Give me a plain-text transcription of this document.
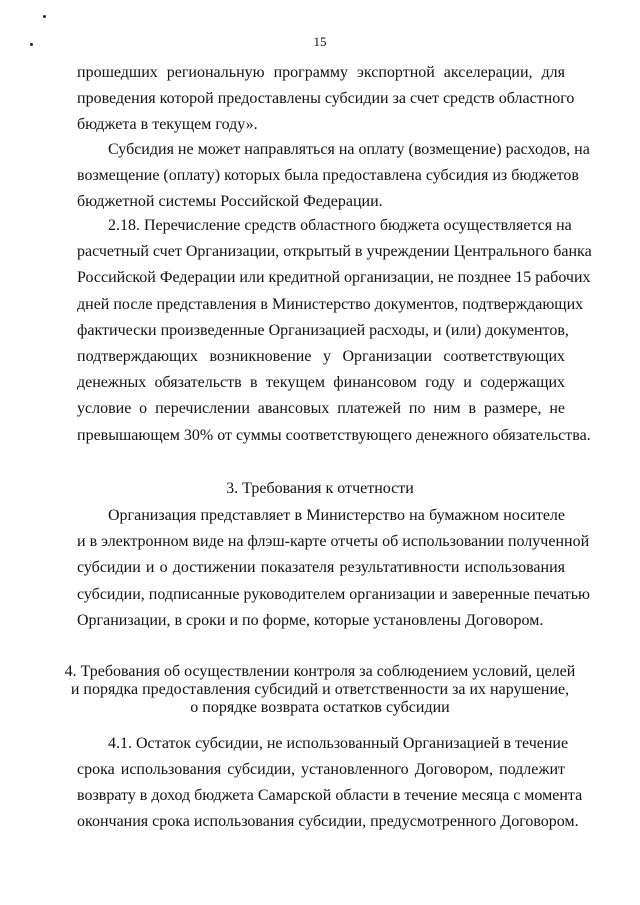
15
прошедших региональную программу экспортной акселерации, для
проведения которой предоставлены субсидии за счет средств областного
бюджета в текущем году».
Субсидия не может направляться на оплату (возмещение) расходов, на
возмещение (оплату) которых была предоставлена субсидия из бюджетов
бюджетной системы Российской Федерации.
2.18. Перечисление средств областного бюджета осуществляется на
расчетный счет Организации, открытый в учреждении Центрального банка
Российской Федерации или кредитной организации, не позднее 15 рабочих
дней после представления в Министерство документов, подтверждающих
фактически произведенные Организацией расходы, и (или) документов,
подтверждающих возникновение у Организации соответствующих
денежных обязательств в текущем финансовом году и содержащих
условие о перечислении авансовых платежей по ним в размере, не
превышающем 30% от суммы соответствующего денежного обязательства.
3. Требования к отчетности
Организация представляет в Министерство на бумажном носителе
и в электронном виде на флэш-карте отчеты об использовании полученной
субсидии и о достижении показателя результативности использования
субсидии, подписанные руководителем организации и заверенные печатью
Организации, в сроки и по форме, которые установлены Договором.
4. Требования об осуществлении контроля за соблюдением условий, целей
и порядка предоставления субсидий и ответственности за их нарушение,
о порядке возврата остатков субсидии
4.1. Остаток субсидии, не использованный Организацией в течение
срока использования субсидии, установленного Договором, подлежит
возврату в доход бюджета Самарской области в течение месяца с момента
окончания срока использования субсидии, предусмотренного Договором.
